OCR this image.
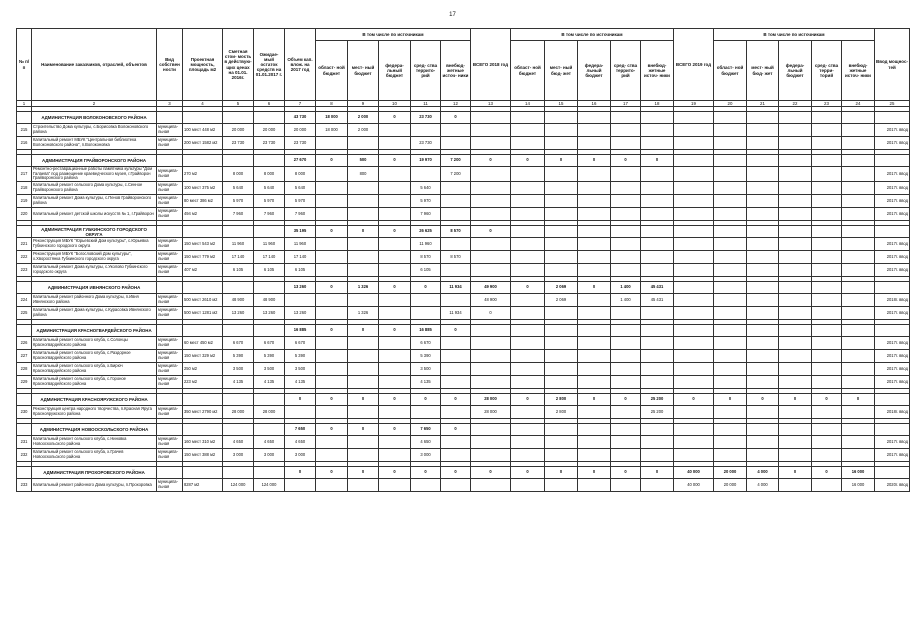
17
№ п/п	Наименование заказчиков, отраслей, объектов	Вид собствен ности	Проектная мощность, площадь м2	Сметная стои- мость в действую- щих ценах на 01.01. 2016г.	Ожидае- мый остаток средств на 01.01.2017 г.	Объем кап. влож. на 2017 год	В том числе по источникам					ВСЕГО 2018 год	В том числе по источникам					ВСЕГО 2019 год	В том числе по источникам					Ввод мощнос- тей
							област- ной бюджет	мест- ный бюджет	федера- льный бюджет	сред- ства террито- рий	внебюд- жетные источ- ники		област- ной бюджет	мест- ный бюд- жет	федера- льный бюджет	сред- ства террито- рий	внебюд- жетные источ- ники		облаcт- ной бюджет	мест- ный бюд- жет	федера- льный бюджет	сред- ства терри- торий	внебюд- жетные источ- ники	
1	2	3	4	5	6	7	8	9	10	11	12	13	14	15	16	17	18	19	20	21	22	23	24	25

	АДМИНИСТРАЦИЯ ВОЛОКОНОВСКОГО РАЙОНА					43 730	18 000	2 000	0	23 730	0													
215	Строительство Дома культуры, с.Борисовка Волоконовского района	муниципа- льная	100 мест 448 м2	20 000	20 000	20 000	18 000	2 000																2017г. ввод
216	Капитальный ремонт МБУК "Центральная библиотека Волоконовского района", п.Волоконовка	муниципа- льная	200 мест 1582 м2	23 730	23 730	23 730				23 730														2017г. ввод

	АДМИНИСТРАЦИЯ ГРАЙВОРОНСКОГО РАЙОНА					27 670	0	500	0	19 970	7 200	0	0	0	0	0	0							
217	Ремонтно-реставрационные работы памятника культуры "Дом Галаева" под размещение краеведческого музея, г.Грайворон Грайворонского района	муниципа- льная	270 м2	8 000	8 000	8 000		800			7 200													2017г. ввод
218	Капитальный ремонт сельского Дома культуры, с.Сенное Грайворонского района	муниципа- льная	100 мест 375 м2	5 640	5 640	5 640				5 640														2017г. ввод
219	Капитальный ремонт Дома культуры, с.Пенов Грайворонского района	муниципа- льная	80 мест 386 м2	5 970	5 970	5 970				5 970														2017г. ввод
220	Капитальный ремонт детской школы искусств № 1, г.Грайворон	муниципа- льная	494 м2	7 960	7 960	7 960				7 960														2017г. ввод

	АДМИНИСТРАЦИЯ ГУБКИНСКОГО ГОРОДСКОГО ОКРУГА					35 195	0	0	0	26 625	8 570	0												
221	Реконструкция МБУК "Юрьевский Дом культуры", с.Юрьевка Губкинского городского округа	муниципа- льная	150 мест 543 м2	11 960	11 960	11 960				11 960														2017г. ввод
222	Реконструкция МБУК "Богословский Дом культуры", х.Хворостянка Губкинского городского округа	муниципа- льная	150 мест 779 м2	17 140	17 140	17 140				8 570	8 570													2017г. ввод
223	Капитальный ремонт Дома культуры, с.Уколово Губкинского городского округа	муниципа- льная	407 м2	6 105	6 105	6 105				6 105														2017г. ввод

	АДМИНИСТРАЦИЯ ИВНЯНСКОГО РАЙОНА					13 260	0	1 326	0	0	11 934	49 900	0	2 069	0	1 400	45 431							
224	Капитальный ремонт районного Дома культуры, п.Ивня Ивнянского района	муниципа- льная	500 мест 2610 м2	48 900	48 900							48 900		2 069		1 400	45 431							2018г. ввод
225	Капитальный ремонт Дома культуры, с.Курасовка Ивнянского района	муниципа- льная	500 мест 1281 м2	13 260	13 260	13 260		1 326			11 934	0												2017г. ввод

	АДМИНИСТРАЦИЯ КРАСНОГВАРДЕЙСКОГО РАЙОНА					16 885	0	0	0	16 885	0													
226	Капитальный ремонт сельского клуба, с.Солонцы Красногвардейского района	муниципа- льная	60 мест 450 м2	6 670	6 670	6 670				6 670														2017г. ввод
227	Капитальный ремонт сельского клуба, с.Раздорное Красногвардейского района	муниципа- льная	150 мест 329 м2	5 390	5 390	5 390				5 390														2017г. ввод
228	Капитальный ремонт сельского клуба, х.Бирюч Красногвардейского района	муниципа- льная	250 м2	3 500	3 500	3 500				3 500														2017г. ввод
229	Капитальный ремонт сельского клуба, с.Гороное Красногвардейского района	муниципа- льная	223 м2	4 135	4 135	4 135				4 135														2017г. ввод

	АДМИНИСТРАЦИЯ КРАСНОЯРУЖСКОГО РАЙОНА					0	0	0	0	0	0	28 000	0	2 800	0	0	25 200	0	0	0	0	0	0	
230	Реконструкция центра народного творчества, п.Красная Яруга Краснояружского района	муниципа- льная	350 мест 2790 м2	28 000	28 000							28 000		2 800			25 200							2018г. ввод

	АДМИНИСТРАЦИЯ НОВООСКОЛЬСКОГО РАЙОНА					7 650	0	0	0	7 650	0													
231	Капитальный ремонт сельского клуба, с.Ниновка Новооскольского района	муниципа- льная	160 мест 310 м2	4 650	4 650	4 650				4 650														2017г. ввод
232	Капитальный ремонт сельского клуба, х.Грачев Новооскольского района	муниципа- льная	150 мест 388 м2	3 000	3 000	3 000				3 000														2017г. ввод

	АДМИНИСТРАЦИЯ ПРОХОРОВСКОГО РАЙОНА					0	0	0	0	0	0	0	0	0	0	0	0	40 000	20 000	4 000	0	0	16 000	
233	Капитальный ремонт районного Дома культуры, п.Прохоровка	муниципа- льная	8287 м2	124 000	124 000													40 000	20 000	4 000			16 000	2020г. ввод
